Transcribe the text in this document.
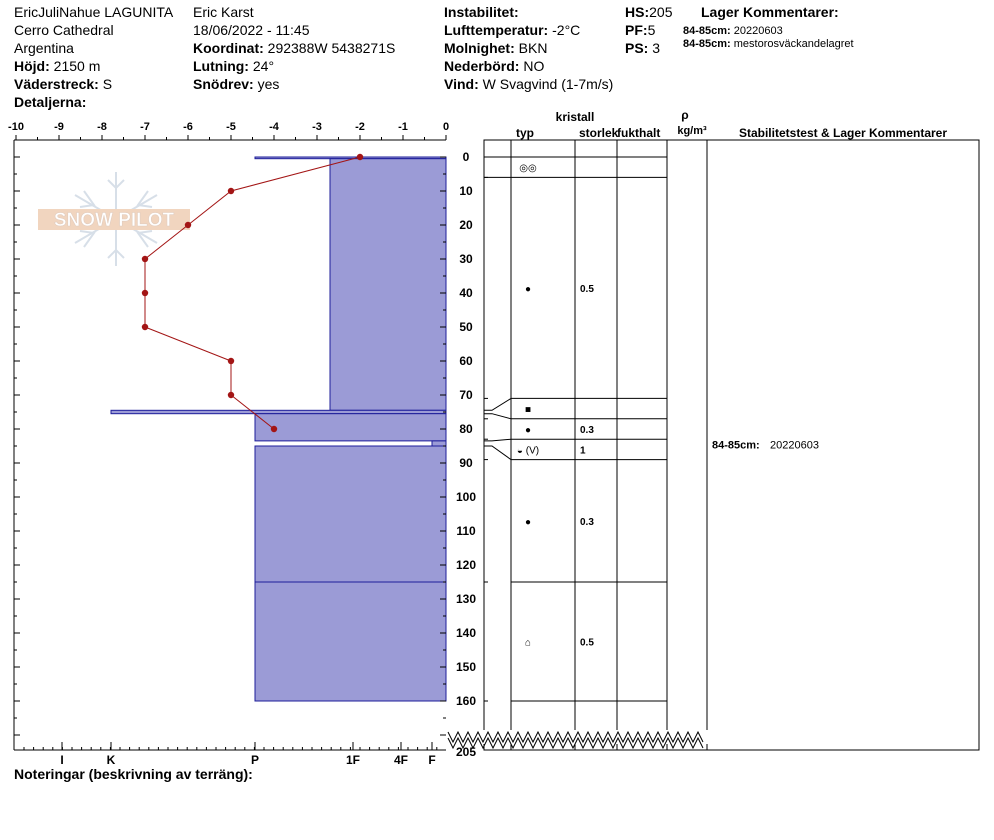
EricJuliNahue LAGUNITA
Cerro Cathedral
Argentina
Höjd: 2150 m
Väderstreck: S
Detaljerna:
Eric Karst
18/06/2022 - 11:45
Koordinat: 292388W 5438271S
Lutning: 24°
Snödrev: yes
Instabilitet:
Lufttemperatur: -2°C
Molnighet: BKN
Nederbörd: NO
Vind: W Svagvind (1-7m/s)
HS:205
PF:5
PS: 3
Lager Kommentarer:
84-85cm: 20220603
84-85cm: mestorosväckandelagret
Noteringar (beskrivning av terräng):
SNOW PILOT
-10	-9	-8	-7	-6	-5	-4	-3	-2	-1	0
0
10
20
30
40
50
60
70
80
90
100
110
120
130
140
150
160
205
I	K	P	1F	4F F
kristall
typ	storlek
fukthalt
ρ
kg/m³	Stabilitetstest & Lager Kommentarer
◎◎
●	0.5
■
●	0.3
◒ (V)	1
●	0.3
⌂	0.5
84-85cm: 20220603
